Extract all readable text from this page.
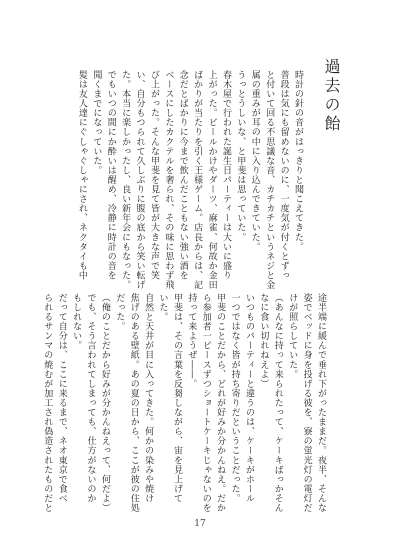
過去の飴
時計の針の音がはっきりと聞こえてきた。
普段は気にも留めないのに、一度気が付くとずっ
と付いて回る不思議な音、カチカチというネジと金
属の重みが耳の中に入り込んできていた。
うっとうしいな、と甲斐は思っていた。
春木屋で行われた誕生日パーティーは大いに盛り
上がった。ビールかけやダーツ、麻雀、何故か金田
ばかりが当たりを引く王様ゲーム。店長からは、記
念だとばかりに今まで飲んだこともない強い酒を
ベースにしたカクテルを奢られ、その味に思わず飛
び上がった。そんな甲斐を見て皆が大きな声で笑
い、自分もつられて久しぶりに腹の底から笑い転げ
た。本当に楽しかったし、良い新年会にもなった。
でもいつの間にか酔いは醒め、冷静に時計の音を
聞くまでになっていた。
髪は友人達にぐしゃぐしゃにされ、ネクタイも中
途半端に緩んで垂れ下がったままだ。夜半、そんな
姿でベッドに身を投げる彼を、寮の蛍光灯の電灯だ
けが照らしていた。
（あんなに持って来られたって、ケーキばっかそん
なに食い切れねえよ）
いつものパーティーと違うのは、ケーキがホール
一つではなく皆が持ち寄りだということだった。
甲斐のことだから、どれが好みか分かんねえ。だか
ら参加者一ピースずつショートケーキじゃないのを
持って来ようぜ――。
甲斐は、その言葉を反芻しながら、宙を見上げて
いた。
自然と天井が目に入ってきた。何かの染みや焼け
焦げのある壁紙。あの夏の日から、ここが彼の住処
だった。
（俺のことだから好みが分かんねえって、何だよ）
でも、そう言われてしまっても、仕方がないのか
もしれない。
だって自分は、ここに来るまで、ネオ東京で食べ
られるサンマの焼むが加工され偽造されたものだと
17
